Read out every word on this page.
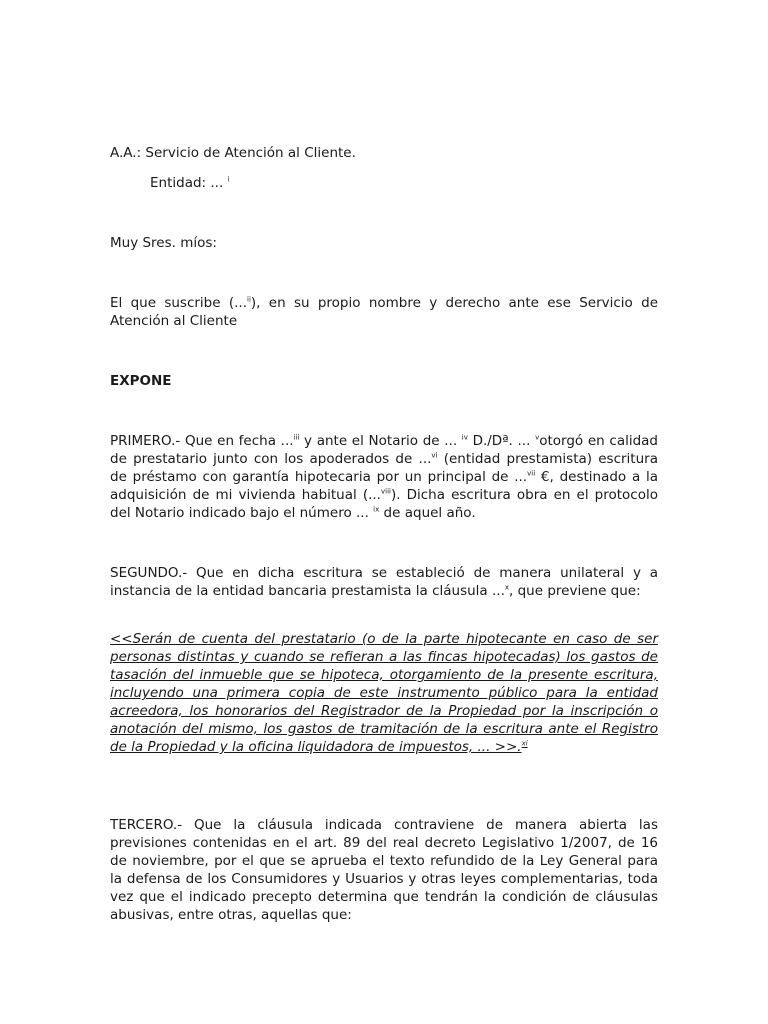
A.A.: Servicio de Atención al Cliente.
Entidad: ... $^i$
Muy Sres. míos:
El que suscribe (...$^{ii}$), en su propio nombre y derecho ante ese Servicio de Atención al Cliente
EXPONE
PRIMERO.- Que en fecha ...$^{iii}$ y ante el Notario de ... $^{iv}$ D./Dª. ... $^v$otorgó en calidad de prestatario junto con los apoderados de ...$^{vi}$ (entidad prestamista) escritura de préstamo con garantía hipotecaria por un principal de ...$^{vii}$ €, destinado a la adquisición de mi vivienda habitual (...$^{viii}$). Dicha escritura obra en el protocolo del Notario indicado bajo el número ... $^{ix}$ de aquel año.
SEGUNDO.- Que en dicha escritura se estableció de manera unilateral y a instancia de la entidad bancaria prestamista la cláusula ...$^x$, que previene que:
<<Serán de cuenta del prestatario (o de la parte hipotecante en caso de ser personas distintas y cuando se refieran a las fincas hipotecadas) los gastos de tasación del inmueble que se hipoteca, otorgamiento de la presente escritura, incluyendo una primera copia de este instrumento público para la entidad acreedora, los honorarios del Registrador de la Propiedad por la inscripción o anotación del mismo, los gastos de tramitación de la escritura ante el Registro de la Propiedad y la oficina liquidadora de impuestos, ... >>.$^{xi}$
TERCERO.- Que la cláusula indicada contraviene de manera abierta las previsiones contenidas en el art. 89 del real decreto Legislativo 1/2007, de 16 de noviembre, por el que se aprueba el texto refundido de la Ley General para la defensa de los Consumidores y Usuarios y otras leyes complementarias, toda vez que el indicado precepto determina que tendrán la condición de cláusulas abusivas, entre otras, aquellas que:
